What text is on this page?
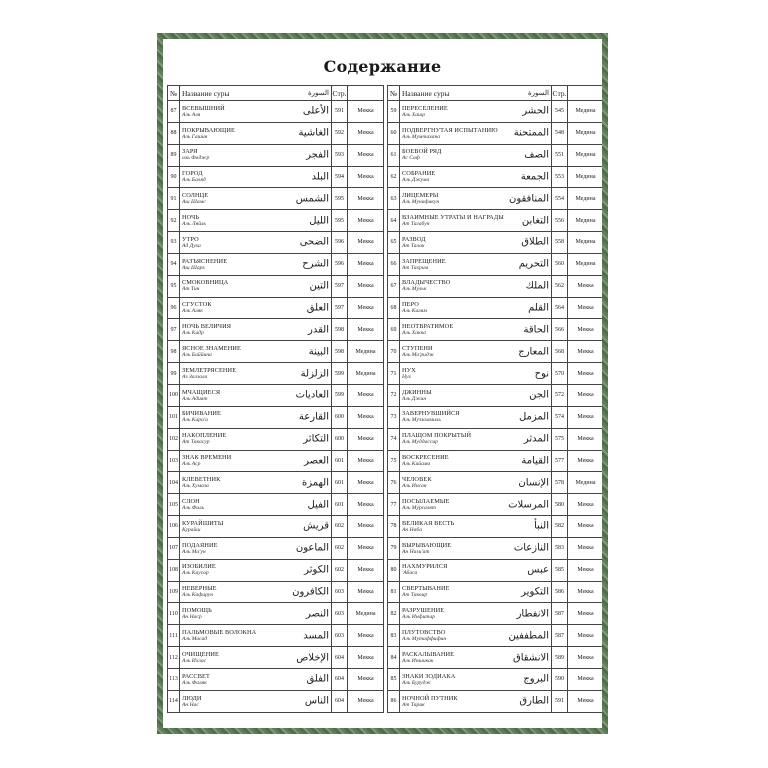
Содержание
№	Название суры السورة	Стр.	
87	ВСЕВЫШНИЙ
Аль Аля الأعلى	591	Мекка
88	ПОКРЫВАЮЩИЕ
Аль Гашия الغاشية	592	Мекка
89	ЗАРЯ
аль Фаджр الفجر	593	Мекка
90	ГОРОД
Аль Баляд البلد	594	Мекка
91	СОЛНЦЕ
Аш Шамс الشمس	595	Мекка
92	НОЧЬ
Аль Ляйль الليل	595	Мекка
93	УТРО
Ад Духа الضحى	596	Мекка
94	РАЗЪЯСНЕНИЕ
Аш Шарх الشرح	596	Мекка
95	СМОКОВНИЦА
Ат Тин التين	597	Мекка
96	СГУСТОК
Аль Аляк العلق	597	Мекка
97	НОЧЬ ВЕЛИЧИЯ
Аль Кадр القدر	598	Мекка
98	ЯСНОЕ ЗНАМЕНИЕ
Аль Баййина البينة	598	Медина
99	ЗЕМЛЕТРЯСЕНИЕ
Аз Залзала الزلزلة	599	Медина
100	МЧАЩИЕСЯ
Аль Адият العاديات	599	Мекка
101	БИЧИВАНИЕ
Аль Кари'а القارعة	600	Мекка
102	НАКОПЛЕНИЕ
Ат Такасур التكاثر	600	Мекка
103	ЗНАК ВРЕМЕНИ
Аль Аср العصر	601	Мекка
104	КЛЕВЕТНИК
Аль Хумаза الهمزة	601	Мекка
105	СЛОН
Аль Филь الفيل	601	Мекка
106	КУРАЙШИТЫ
Курайш قريش	602	Мекка
107	ПОДАЯНИЕ
Аль Ма'ун الماعون	602	Мекка
108	ИЗОБИЛИЕ
Аль Каусар الكوثر	602	Мекка
109	НЕВЕРНЫЕ
Аль Кафирун الكافرون	603	Мекка
110	ПОМОЩЬ
Ан Наср النصر	603	Медина
111	ПАЛЬМОВЫЕ ВОЛОКНА
Аль Масад المسد	603	Мекка
112	ОЧИЩЕНИЕ
Аль Ихлас الإخلاص	604	Мекка
113	РАССВЕТ
Аль Фаляк الفلق	604	Мекка
114	ЛЮДИ
Ан Нас الناس	604	Мекка
№	Название суры السورة	Стр.	
59	ПЕРЕСЕЛЕНИЕ
Аль Хашр الحشر	545	Медина
60	ПОДВЕРГНУТАЯ ИСПЫТАНИЮ
Аль Мумтахана الممتحنة	548	Медина
61	БОЕВОЙ РЯД
Ас Саф الصف	551	Медина
62	СОБРАНИЕ
Аль Джума الجمعة	553	Медина
63	ЛИЦЕМЕРЫ
Аль Мунафикун المنافقون	554	Медина
64	ВЗАИМНЫЕ УТРАТЫ И НАГРАДЫ
Ат Тагабун التغابن	556	Медина
65	РАЗВОД
Ат Талак الطلاق	558	Медина
66	ЗАПРЕЩЕНИЕ
Ат Тахрим التحريم	560	Медина
67	ВЛАДЫЧЕСТВО
Аль Мульк الملك	562	Мекка
68	ПЕРО
Аль Калям القلم	564	Мекка
69	НЕОТВРАТИМОЕ
Аль Хакка الحاقة	566	Мекка
70	СТУПЕНИ
Аль Ма'ридж المعارج	568	Мекка
71	НУХ
Нух نوح	570	Мекка
72	ДЖИННЫ
Аль Джин الجن	572	Мекка
73	ЗАВЕРНУВШИЙСЯ
Аль Муззаммиль المزمل	574	Мекка
74	ПЛАЩОМ ПОКРЫТЫЙ
Аль Муддассир المدثر	575	Мекка
75	ВОСКРЕСЕНИЕ
Аль Кийама القيامة	577	Мекка
76	ЧЕЛОВЕК
Аль Инсан الإنسان	578	Медина
77	ПОСЫЛАЕМЫЕ
Аль Мурсалят المرسلات	580	Мекка
78	ВЕЛИКАЯ ВЕСТЬ
Ан Наба النبأ	582	Мекка
79	ВЫРЫВАЮЩИЕ
Ан Нази'ат النازعات	583	Мекка
80	НАХМУРИЛСЯ
'Абаса عبس	585	Мекка
81	СВЕРТЫВАНИЕ
Ат Таквир التكوير	586	Мекка
82	РАЗРУШЕНИЕ
Аль Инфитар الانفطار	587	Мекка
83	ПЛУТОВСТВО
Аль Мутаффифин المطففين	587	Мекка
84	РАСКАЛЫВАНИЕ
Аль Иншикак الانشقاق	589	Мекка
85	ЗНАКИ ЗОДИАКА
Аль Бурудж البروج	590	Мекка
86	НОЧНОЙ ПУТНИК
Ат Тарик الطارق	591	Мекка
